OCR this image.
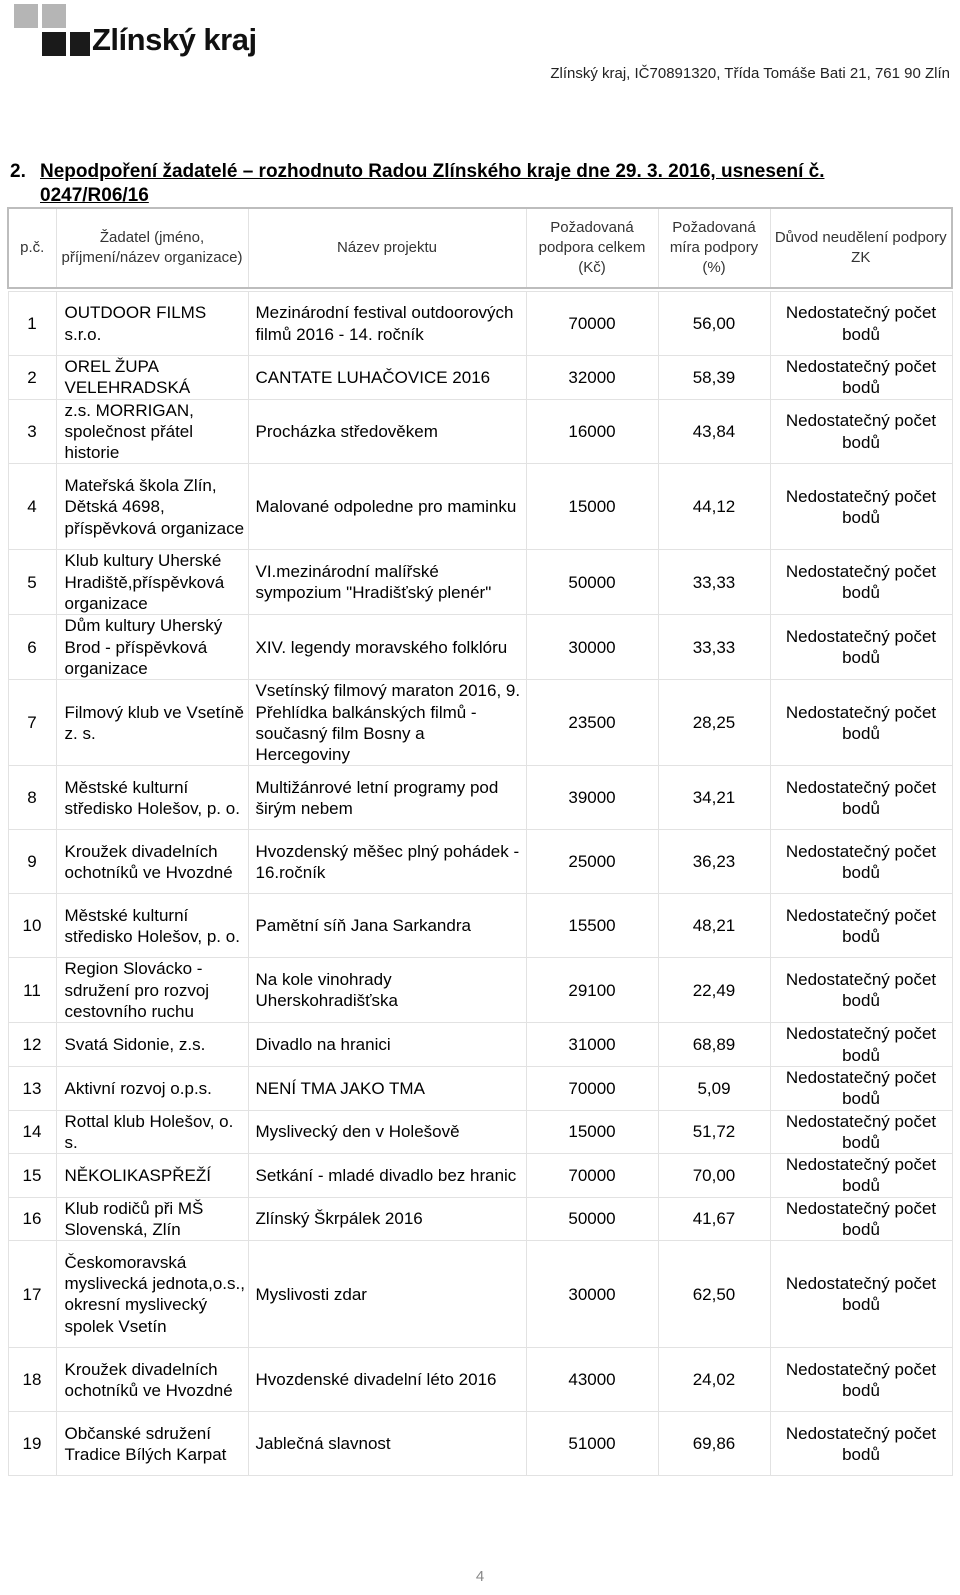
Zlínský kraj
Zlínský kraj, IČ70891320, Třída Tomáše Bati 21, 761 90 Zlín
2. Nepodpoření žadatelé – rozhodnuto Radou Zlínského kraje dne 29. 3. 2016, usnesení č.
0247/R06/16
p.č.	Žadatel (jméno, příjmení/název organizace)	Název projektu	Požadovaná podpora celkem (Kč)	Požadovaná míra podpory (%)	Důvod neudělení podpory ZK

1	OUTDOOR FILMS s.r.o.	Mezinárodní festival outdoorových filmů 2016 - 14. ročník	70000	56,00	Nedostatečný počet bodů
2	OREL ŽUPA VELEHRADSKÁ	CANTATE LUHAČOVICE 2016	32000	58,39	Nedostatečný počet bodů
3	z.s. MORRIGAN, společnost přátel historie	Procházka středověkem	16000	43,84	Nedostatečný počet bodů
4	Mateřská škola Zlín, Dětská 4698, příspěvková organizace	Malované odpoledne pro maminku	15000	44,12	Nedostatečný počet bodů
5	Klub kultury Uherské Hradiště,příspěvková organizace	VI.mezinárodní malířské sympozium "Hradišťský plenér"	50000	33,33	Nedostatečný počet bodů
6	Dům kultury Uherský Brod - příspěvková organizace	XIV. legendy moravského folklóru	30000	33,33	Nedostatečný počet bodů
7	Filmový klub ve Vsetíně z. s.	Vsetínský filmový maraton 2016, 9. Přehlídka balkánských filmů - současný film Bosny a Hercegoviny	23500	28,25	Nedostatečný počet bodů
8	Městské kulturní středisko Holešov, p. o.	Multižánrové letní programy pod širým nebem	39000	34,21	Nedostatečný počet bodů
9	Kroužek divadelních ochotníků ve Hvozdné	Hvozdenský měšec plný pohádek - 16.ročník	25000	36,23	Nedostatečný počet bodů
10	Městské kulturní středisko Holešov, p. o.	Pamětní síň Jana Sarkandra	15500	48,21	Nedostatečný počet bodů
11	Region Slovácko - sdružení pro rozvoj cestovního ruchu	Na kole vinohrady Uherskohradišťska	29100	22,49	Nedostatečný počet bodů
12	Svatá Sidonie, z.s.	Divadlo na hranici	31000	68,89	Nedostatečný počet bodů
13	Aktivní rozvoj o.p.s.	NENÍ TMA JAKO TMA	70000	5,09	Nedostatečný počet bodů
14	Rottal klub Holešov, o. s.	Myslivecký den v Holešově	15000	51,72	Nedostatečný počet bodů
15	NĚKOLIKASPŘEŽÍ	Setkání - mladé divadlo bez hranic	70000	70,00	Nedostatečný počet bodů
16	Klub rodičů při MŠ Slovenská, Zlín	Zlínský Škrpálek 2016	50000	41,67	Nedostatečný počet bodů
17	Českomoravská myslivecká jednota,o.s., okresní myslivecký spolek Vsetín	Myslivosti zdar	30000	62,50	Nedostatečný počet bodů
18	Kroužek divadelních ochotníků ve Hvozdné	Hvozdenské divadelní léto 2016	43000	24,02	Nedostatečný počet bodů
19	Občanské sdružení Tradice Bílých Karpat	Jablečná slavnost	51000	69,86	Nedostatečný počet bodů
4
